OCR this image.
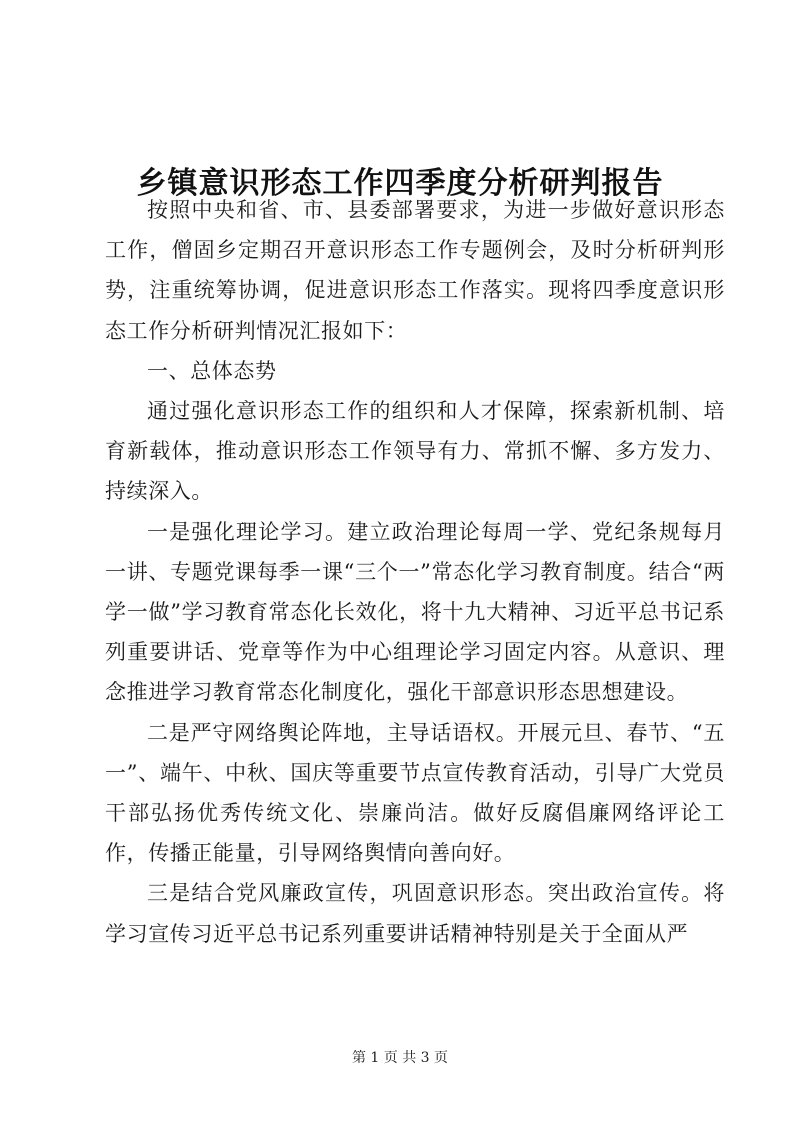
乡镇意识形态工作四季度分析研判报告

按照中央和省、市、县委部署要求，为进一步做好意识形态工作，僧固乡定期召开意识形态工作专题例会，及时分析研判形势，注重统筹协调，促进意识形态工作落实。现将四季度意识形态工作分析研判情况汇报如下：

一、总体态势

通过强化意识形态工作的组织和人才保障，探索新机制、培育新载体，推动意识形态工作领导有力、常抓不懈、多方发力、持续深入。

一是强化理论学习。建立政治理论每周一学、党纪条规每月一讲、专题党课每季一课“三个一”常态化学习教育制度。结合“两学一做”学习教育常态化长效化，将十九大精神、习近平总书记系列重要讲话、党章等作为中心组理论学习固定内容。从意识、理念推进学习教育常态化制度化，强化干部意识形态思想建设。

二是严守网络舆论阵地，主导话语权。开展元旦、春节、“五一”、端午、中秋、国庆等重要节点宣传教育活动，引导广大党员干部弘扬优秀传统文化、崇廉尚洁。做好反腐倡廉网络评论工作，传播正能量，引导网络舆情向善向好。

三是结合党风廉政宣传，巩固意识形态。突出政治宣传。将学习宣传习近平总书记系列重要讲话精神特别是关于全面从严

第 1 页 共 3 页
